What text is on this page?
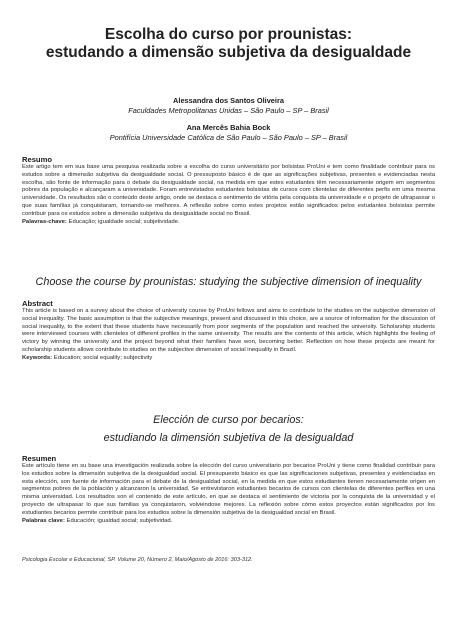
Escolha do curso por prounistas:
estudando a dimensão subjetiva da desigualdade
Alessandra dos Santos Oliveira
Faculdades Metropolitanas Unidas – São Paulo – SP – Brasil
Ana Mercês Bahia Bock
Pontifícia Universidade Católica de São Paulo – São Paulo – SP – Brasil

Resumo

Este artigo tem em sua base uma pesquisa realizada sobre a escolha do curso universitário por bolsistas ProUni e tem como finalidade contribuir para os estudos sobre a dimensão subjetiva da desigualdade social. O pressuposto básico é de que as significações subjetivas, presentes e evidenciadas nesta escolha, são fonte de informação para o debate da desigualdade social, na medida em que estes estudantes têm necessariamente origem em segmentos pobres da população e alcançaram a universidade. Foram entrevistados estudantes bolsistas de cursos com clientelas de diferentes perfis em uma mesma universidade. Os resultados são o conteúdo deste artigo, onde se destaca o sentimento de vitória pela conquista da universidade e o projeto de ultrapassar o que suas famílias já conquistaram, tornando-se melhores. A reflexão sobre como estes projetos estão significados pelos estudantes bolsistas permite contribuir para os estudos sobre a dimensão subjetiva da desigualdade social no Brasil.

Palavras-chave: Educação; igualdade social; subjetividade.

Choose the course by prounistas: studying the subjective dimension of inequality

Abstract

This article is based on a survey about the choice of university course by ProUni fellows and aims to contribute to the studies on the subjective dimension of social inequality. The basic assumption is that the subjective meanings, present and discussed in this choice, are a source of information for the discussion of social inequality, to the extent that these students have necessarily from poor segments of the population and reached the university. Scholarship students were interviewed courses with clienteles of different profiles in the same university. The results are the contents of this article, which highlights the feeling of victory by winning the university and the project beyond what their families have won, becoming better. Reflection on how these projects are meant for scholarship students allows contribute to studies on the subjective dimension of social inequality in Brazil.

Keywords: Education; social equality; subjectivity

Elección de curso por becarios:
estudiando la dimensión subjetiva de la desigualdad

Resumen

Este artículo tiene en su base una investigación realizada sobre la elección del curso universitario por becarios ProUni y tiene como finalidad contribuir para los estudios sobre la dimensión subjetiva de la desigualdad social. El presupuesto básico es que las significaciones subjetivas, presentes y evidenciadas en esta elección, son fuente de información para el debate de la desigualdad social, en la medida en que estos estudiantes tienen necesariamente origen en segmentos pobres de la población y alcanzaron la universidad. Se entrevistaron estudiantes becarios de cursos con clientelas de diferentes perfiles en una misma universidad. Los resultados son el contenido de este artículo, en que se destaca el sentimiento de victoria por la conquista de la universidad y el proyecto de ultrapasar lo que sus familias ya conquistaron, volviéndose mejores. La reflexión sobre cómo estos proyectos están significados por los estudiantes becarios permite contribuir para los estudios sobre la dimensión subjetiva de la desigualdad social en Brasil.

Palabras clave: Educación; igualdad social; subjetividad.

Psicologia Escolar e Educacional, SP. Volume 20, Número 2, Maio/Agosto de 2016: 303-312.
